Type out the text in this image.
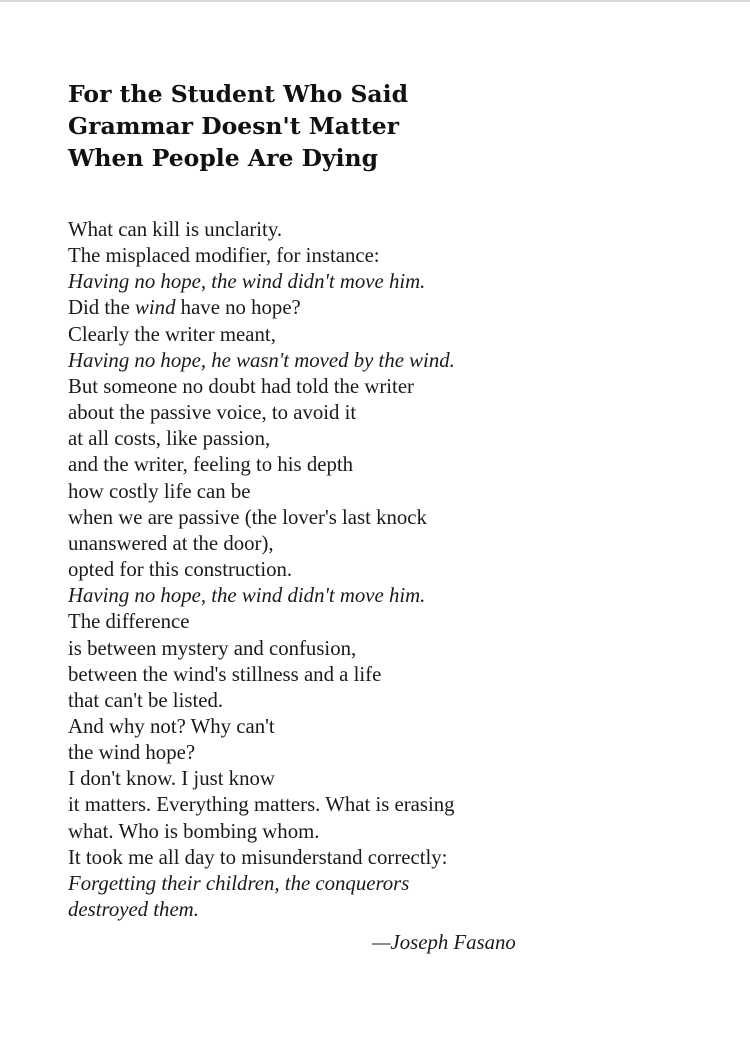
For the Student Who Said
Grammar Doesn't Matter
When People Are Dying
What can kill is unclarity.
The misplaced modifier, for instance:
Having no hope, the wind didn't move him.
Did the wind have no hope?
Clearly the writer meant,
Having no hope, he wasn't moved by the wind.
But someone no doubt had told the writer
about the passive voice, to avoid it
at all costs, like passion,
and the writer, feeling to his depth
how costly life can be
when we are passive (the lover's last knock
unanswered at the door),
opted for this construction.
Having no hope, the wind didn't move him.
The difference
is between mystery and confusion,
between the wind's stillness and a life
that can't be listed.
And why not? Why can't
the wind hope?
I don't know. I just know
it matters. Everything matters. What is erasing
what. Who is bombing whom.
It took me all day to misunderstand correctly:
Forgetting their children, the conquerors
destroyed them.
—Joseph Fasano
